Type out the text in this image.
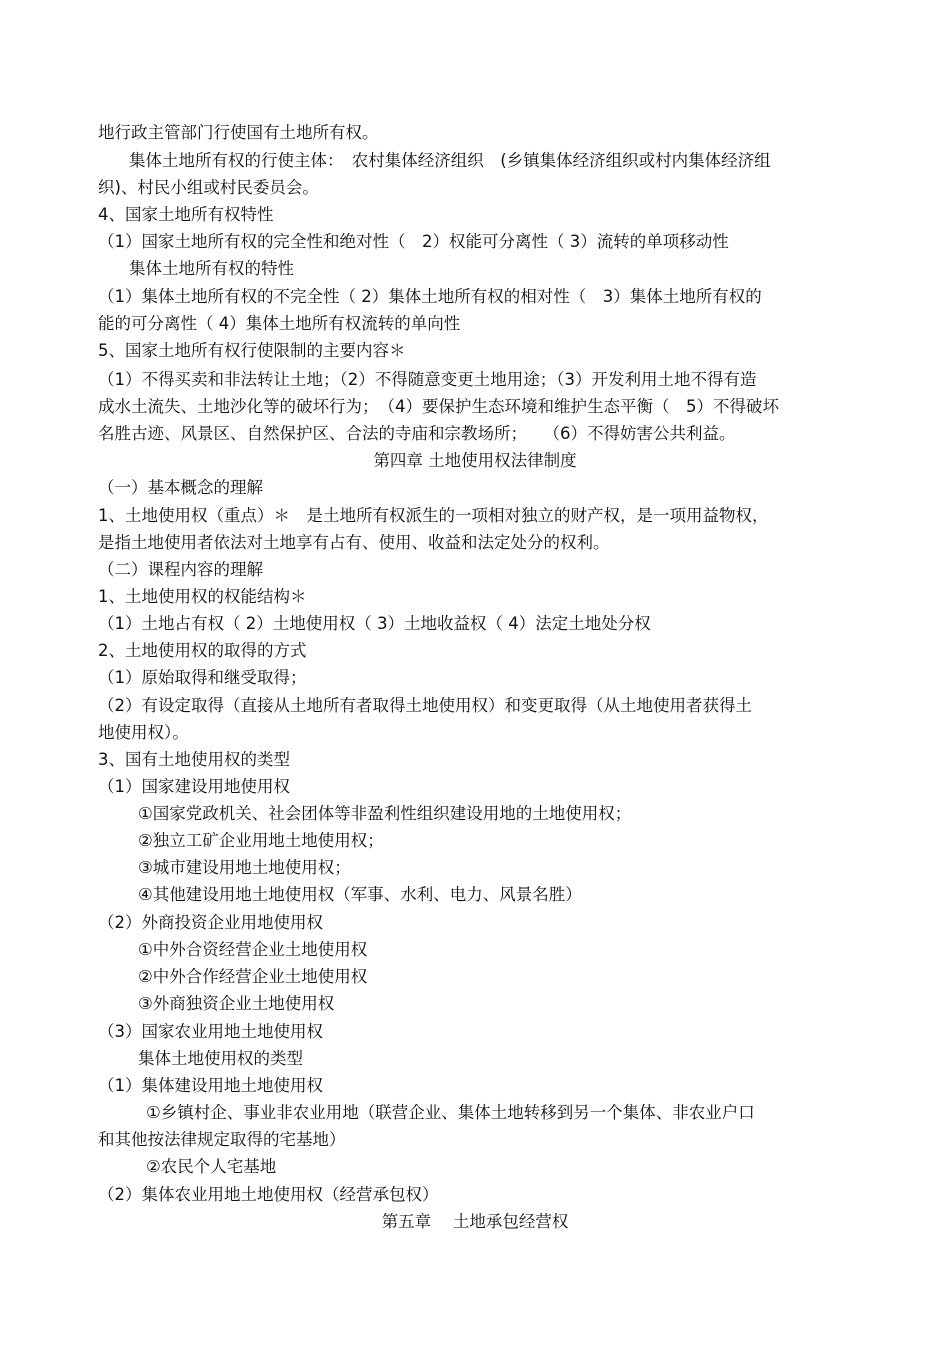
地行政主管部门行使国有土地所有权。
集体土地所有权的行使主体：　农村集体经济组织　(乡镇集体经济组织或村内集体经济组
织)、村民小组或村民委员会。
4、国家土地所有权特性
（1）国家土地所有权的完全性和绝对性（　2）权能可分离性（ 3）流转的单项移动性
集体土地所有权的特性
（1）集体土地所有权的不完全性（ 2）集体土地所有权的相对性（　3）集体土地所有权的
能的可分离性（ 4）集体土地所有权流转的单向性
5、国家土地所有权行使限制的主要内容＊
（1）不得买卖和非法转让土地；（2）不得随意变更土地用途；（3）开发利用土地不得有造
成水土流失、土地沙化等的破坏行为；　（4）要保护生态环境和维护生态平衡（　5）不得破坏
名胜古迹、风景区、自然保护区、合法的寺庙和宗教场所；　　（6）不得妨害公共利益。
第四章 土地使用权法律制度
（一）基本概念的理解
1、土地使用权（重点）＊　是土地所有权派生的一项相对独立的财产权，是一项用益物权，
是指土地使用者依法对土地享有占有、使用、收益和法定处分的权利。
（二）课程内容的理解
1、土地使用权的权能结构＊
（1）土地占有权（ 2）土地使用权（ 3）土地收益权（ 4）法定土地处分权
2、土地使用权的取得的方式
（1）原始取得和继受取得；
（2）有设定取得（直接从土地所有者取得土地使用权）和变更取得（从土地使用者获得土
地使用权）。
3、国有土地使用权的类型
（1）国家建设用地使用权
①国家党政机关、社会团体等非盈利性组织建设用地的土地使用权；
②独立工矿企业用地土地使用权；
③城市建设用地土地使用权；
④其他建设用地土地使用权（军事、水利、电力、风景名胜）
（2）外商投资企业用地使用权
①中外合资经营企业土地使用权
②中外合作经营企业土地使用权
③外商独资企业土地使用权
（3）国家农业用地土地使用权
集体土地使用权的类型
（1）集体建设用地土地使用权
①乡镇村企、事业非农业用地（联营企业、集体土地转移到另一个集体、非农业户口
和其他按法律规定取得的宅基地）
②农民个人宅基地
（2）集体农业用地土地使用权（经营承包权）
第五章　 土地承包经营权
